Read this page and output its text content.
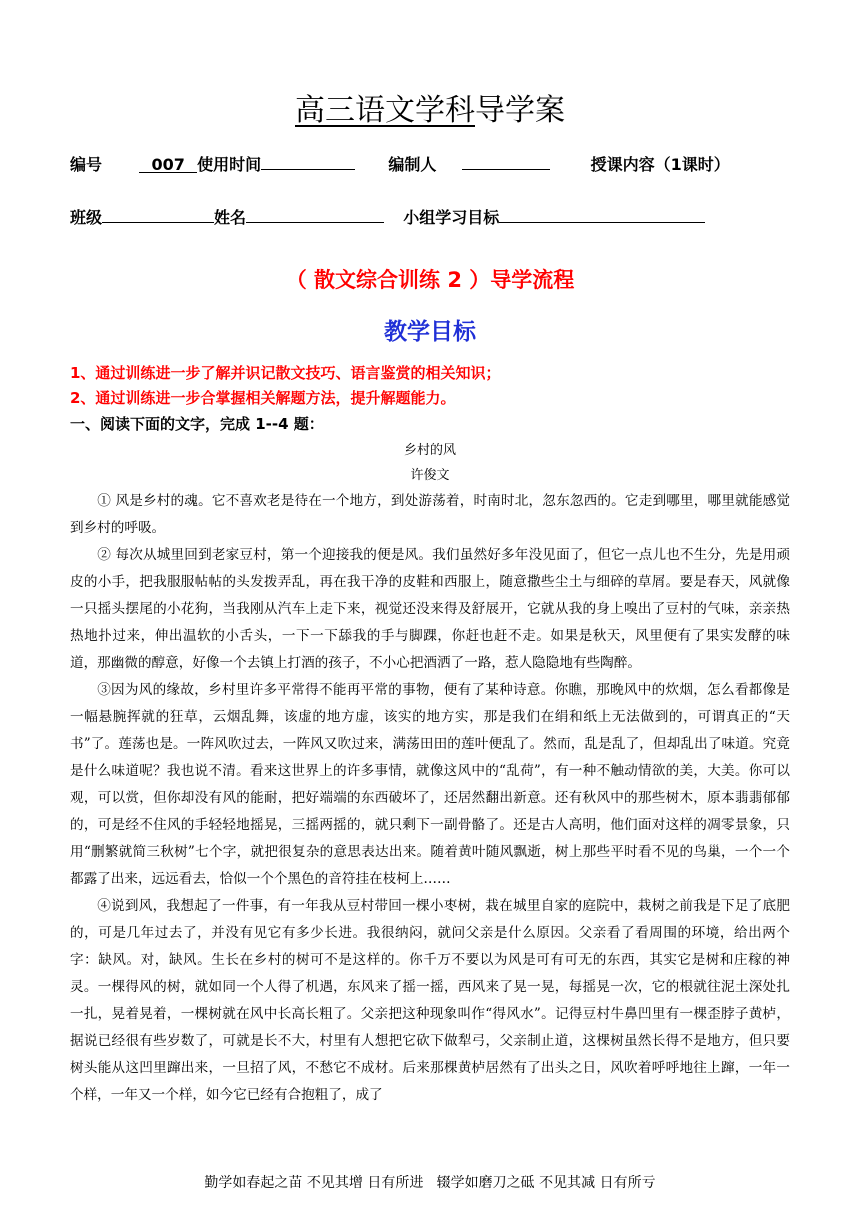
高三语文学科导学案
编号	007 使用时间	编制人	授课内容（1课时）
班级	姓名	小组学习目标
（ 散文综合训练 2 ）导学流程
教学目标
1、通过训练进一步了解并识记散文技巧、语言鉴赏的相关知识；
2、通过训练进一步合掌握相关解题方法，提升解题能力。
一、阅读下面的文字，完成 1--4 题：
乡村的风
许俊文

① 风是乡村的魂。它不喜欢老是待在一个地方，到处游荡着，时南时北，忽东忽西的。它走到哪里，哪里就能感觉到乡村的呼吸。

② 每次从城里回到老家豆村，第一个迎接我的便是风。我们虽然好多年没见面了，但它一点儿也不生分，先是用顽皮的小手，把我服服帖帖的头发拨弄乱，再在我干净的皮鞋和西服上，随意撒些尘土与细碎的草屑。要是春天，风就像一只摇头摆尾的小花狗，当我刚从汽车上走下来，视觉还没来得及舒展开，它就从我的身上嗅出了豆村的气味，亲亲热热地扑过来，伸出温软的小舌头，一下一下舔我的手与脚踝，你赶也赶不走。如果是秋天，风里便有了果实发酵的味道，那幽微的醇意，好像一个去镇上打酒的孩子，不小心把酒洒了一路，惹人隐隐地有些陶醉。

③因为风的缘故，乡村里许多平常得不能再平常的事物，便有了某种诗意。你瞧，那晚风中的炊烟，怎么看都像是一幅悬腕挥就的狂草，云烟乱舞，该虚的地方虚，该实的地方实，那是我们在绢和纸上无法做到的，可谓真正的“天书”了。莲荡也是。一阵风吹过去，一阵风又吹过来，满荡田田的莲叶便乱了。然而，乱是乱了，但却乱出了味道。究竟是什么味道呢？我也说不清。看来这世界上的许多事情，就像这风中的“乱荷”，有一种不触动情欲的美，大美。你可以观，可以赏，但你却没有风的能耐，把好端端的东西破坏了，还居然翻出新意。还有秋风中的那些树木，原本翡翡郁郁的，可是经不住风的手轻轻地摇晃，三摇两摇的，就只剩下一副骨骼了。还是古人高明，他们面对这样的凋零景象，只用“删繁就简三秋树”七个字，就把很复杂的意思表达出来。随着黄叶随风飘逝，树上那些平时看不见的鸟巢，一个一个都露了出来，远远看去，恰似一个个黑色的音符挂在枝柯上……

④说到风，我想起了一件事，有一年我从豆村带回一棵小枣树，栽在城里自家的庭院中，栽树之前我是下足了底肥的，可是几年过去了，并没有见它有多少长进。我很纳闷，就问父亲是什么原因。父亲看了看周围的环境，给出两个字：缺风。对，缺风。生长在乡村的树可不是这样的。你千万不要以为风是可有可无的东西，其实它是树和庄稼的神灵。一棵得风的树，就如同一个人得了机遇，东风来了摇一摇，西风来了晃一晃，每摇晃一次，它的根就往泥土深处扎一扎，晃着晃着，一棵树就在风中长高长粗了。父亲把这种现象叫作“得风水”。记得豆村牛鼻凹里有一棵歪脖子黄栌，据说已经很有些岁数了，可就是长不大，村里有人想把它砍下做犁弓，父亲制止道，这棵树虽然长得不是地方，但只要树头能从这凹里蹿出来，一旦招了风，不愁它不成材。后来那棵黄栌居然有了出头之日，风吹着呼呼地往上蹿，一年一个样，一年又一个样，如今它已经有合抱粗了，成了

勤学如春起之苗 不见其增 日有所进   辍学如磨刀之砥 不见其减 日有所亏
